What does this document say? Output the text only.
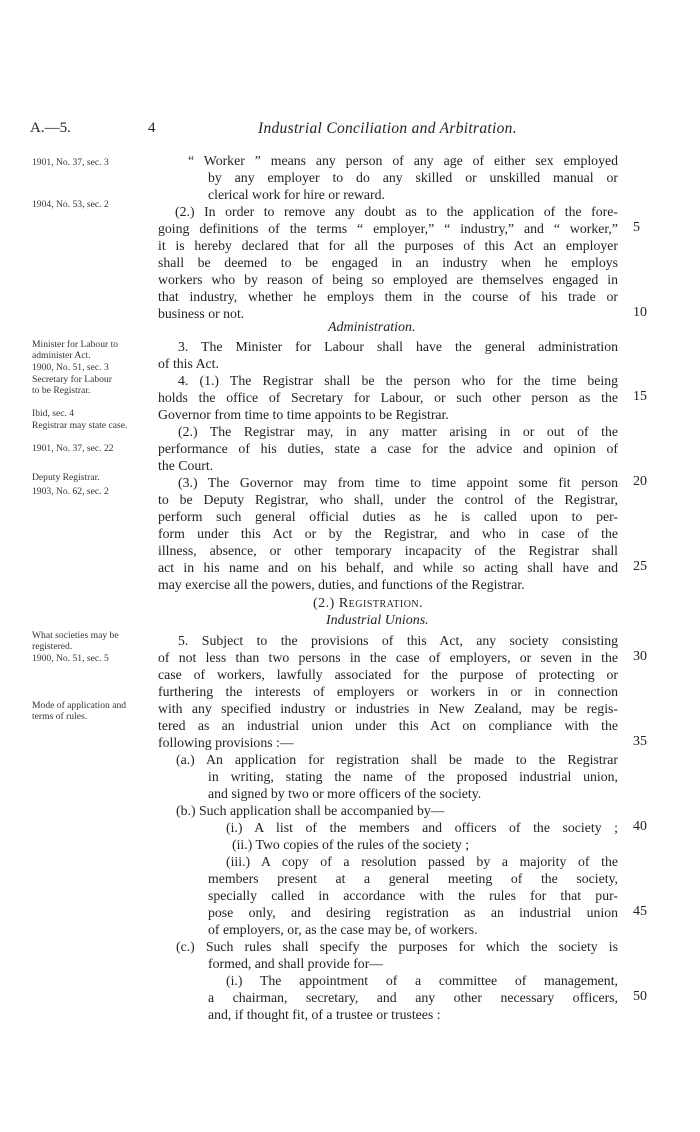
A.—5.	4	Industrial Conciliation and Arbitration.
1901, No. 37, sec. 3
1904, No. 53, sec. 2
Minister for Labour to administer Act.
1900, No. 51, sec. 3
Secretary for Labour to be Registrar.
Ibid, sec. 4
Registrar may state case.
1901, No. 37, sec. 22
Deputy Registrar.
1903, No. 62, sec. 2
What societies may be registered.
1900, No. 51, sec. 5
Mode of application and terms of rules.
“ Worker ” means any person of any age of either sex employed
by any employer to do any skilled or unskilled manual or
clerical work for hire or reward.
(2.) In order to remove any doubt as to the application of the fore-
going definitions of the terms “ employer,” “ industry,” and “ worker,”
it is hereby declared that for all the purposes of this Act an employer
shall be deemed to be engaged in an industry when he employs
workers who by reason of being so employed are themselves engaged in
that industry, whether he employs them in the course of his trade or
business or not.
Administration.
3. The Minister for Labour shall have the general administration
of this Act.
4. (1.) The Registrar shall be the person who for the time being
holds the office of Secretary for Labour, or such other person as the
Governor from time to time appoints to be Registrar.
(2.) The Registrar may, in any matter arising in or out of the
performance of his duties, state a case for the advice and opinion of
the Court.
(3.) The Governor may from time to time appoint some fit person
to be Deputy Registrar, who shall, under the control of the Registrar,
perform such general official duties as he is called upon to per-
form under this Act or by the Registrar, and who in case of the
illness, absence, or other temporary incapacity of the Registrar shall
act in his name and on his behalf, and while so acting shall have and
may exercise all the powers, duties, and functions of the Registrar.
(2.) Registration.
Industrial Unions.
5. Subject to the provisions of this Act, any society consisting
of not less than two persons in the case of employers, or seven in the
case of workers, lawfully associated for the purpose of protecting or
furthering the interests of employers or workers in or in connection
with any specified industry or industries in New Zealand, may be regis-
tered as an industrial union under this Act on compliance with the
following provisions :—
(a.) An application for registration shall be made to the Registrar
in writing, stating the name of the proposed industrial union,
and signed by two or more officers of the society.
(b.) Such application shall be accompanied by—
(i.) A list of the members and officers of the society ;
(ii.) Two copies of the rules of the society ;
(iii.) A copy of a resolution passed by a majority of the
members present at a general meeting of the society,
specially called in accordance with the rules for that pur-
pose only, and desiring registration as an industrial union
of employers, or, as the case may be, of workers.
(c.) Such rules shall specify the purposes for which the society is
formed, and shall provide for—
(i.) The appointment of a committee of management,
a chairman, secretary, and any other necessary officers,
and, if thought fit, of a trustee or trustees :
5
10
15
20
25
30
35
40
45
50
